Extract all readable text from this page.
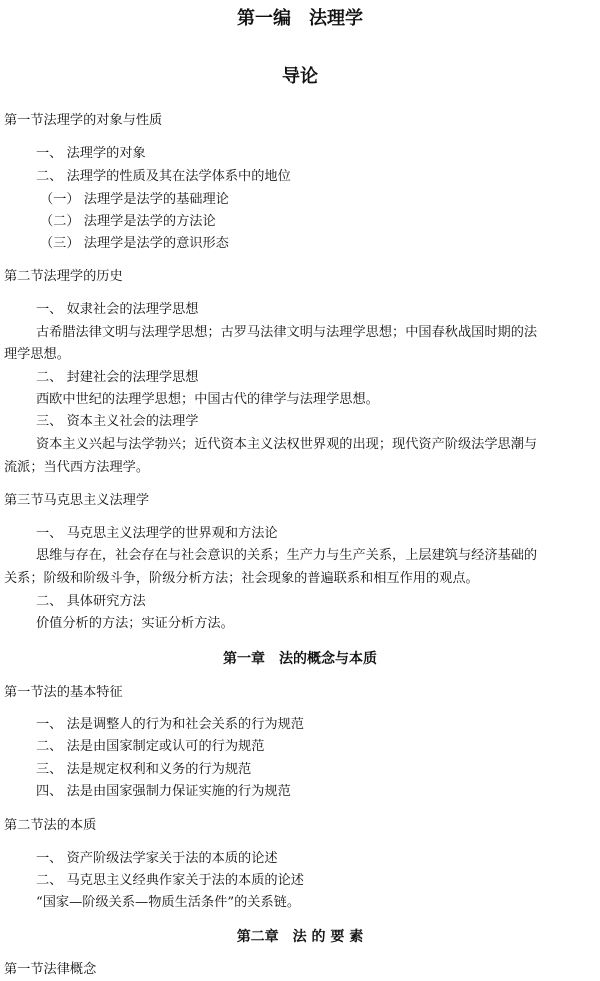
第一编　法理学
导论
第一节法理学的对象与性质
一、 法理学的对象
二、 法理学的性质及其在法学体系中的地位
（一） 法理学是法学的基础理论
（二） 法理学是法学的方法论
（三） 法理学是法学的意识形态
第二节法理学的历史
一、 奴隶社会的法理学思想
古希腊法律文明与法理学思想；古罗马法律文明与法理学思想；中国春秋战国时期的法
理学思想。
二、 封建社会的法理学思想
西欧中世纪的法理学思想；中国古代的律学与法理学思想。
三、 资本主义社会的法理学
资本主义兴起与法学勃兴；近代资本主义法权世界观的出现；现代资产阶级法学思潮与
流派；当代西方法理学。
第三节马克思主义法理学
一、 马克思主义法理学的世界观和方法论
思维与存在，社会存在与社会意识的关系；生产力与生产关系，上层建筑与经济基础的
关系；阶级和阶级斗争，阶级分析方法；社会现象的普遍联系和相互作用的观点。
二、 具体研究方法
价值分析的方法；实证分析方法。
第一章　法的概念与本质
第一节法的基本特征
一、 法是调整人的行为和社会关系的行为规范
二、 法是由国家制定或认可的行为规范
三、 法是规定权利和义务的行为规范
四、 法是由国家强制力保证实施的行为规范
第二节法的本质
一、 资产阶级法学家关于法的本质的论述
二、 马克思主义经典作家关于法的本质的论述
“国家—阶级关系—物质生活条件”的关系链。
第二章　法 的 要 素
第一节法律概念
